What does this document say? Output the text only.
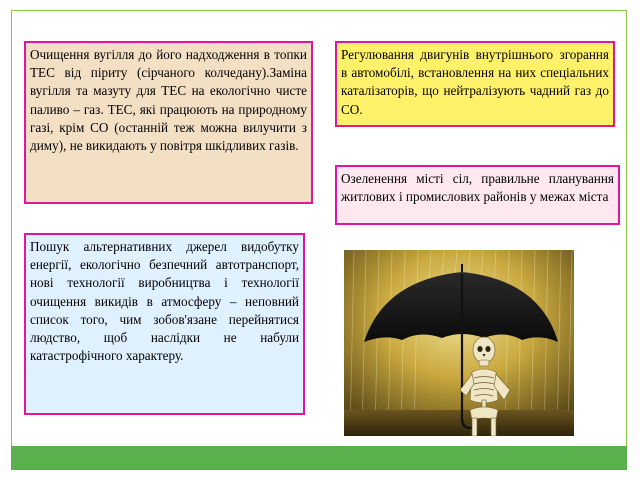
Очищення вугілля до його надходження в топки ТЕС від піриту (сірчаного колчедану).Заміна вугілля та мазуту для ТЕС на екологічно чисте паливо – газ. ТЕС, які працюють на природному газі, крім СО (останній теж можна вилучити з диму), не викидають у повітря шкідливих газів.
Регулювання двигунів внутрішнього згорання в автомобілі, встановлення на них спеціальних каталізаторів, що нейтралізують чадний газ до СО.
Озеленення місті сіл, правильне планування житлових і промислових районів у межах міста
Пошук альтернативних джерел видобутку енергії, екологічно безпечний автотранспорт, нові технології виробництва і технології очищення викидів в атмосферу – неповний список того, чим зобов'язане перейнятися людство, щоб наслідки не набули катастрофічного характеру.
